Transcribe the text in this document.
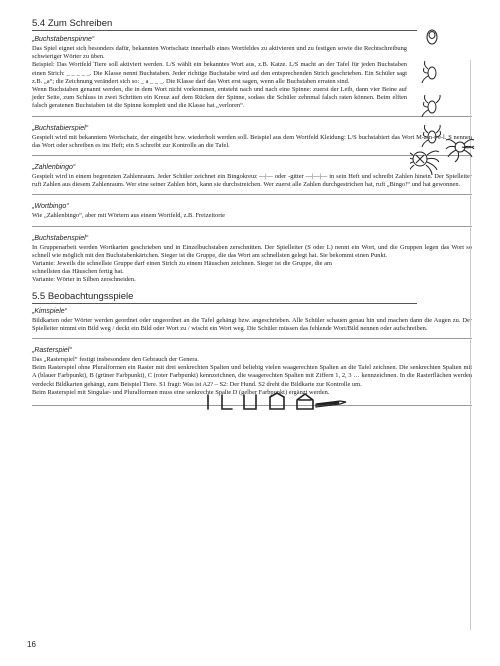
5.4 Zum Schreiben
„Buchstabenspinne“

Das Spiel eignet sich besonders dafür, bekannten Wortschatz innerhalb eines Wortfeldes zu aktivieren und zu festigen sowie die Rechtschreibung schwieriger Wörter zu üben.

Beispiel: Das Wortfeld Tiere soll aktiviert werden. L/S wählt ein bekanntes Wort aus, z.B. Katze. L/S macht an der Tafel für jeden Buchstaben einen Strich: _ _ _ _ _. Die Klasse nennt Buchstaben. Jeder richtige Buchstabe wird auf den entsprechenden Strich geschrieben. Ein Schüler sagt z.B. „a“; die Zeichnung verändert sich so: _ a _ _ _. Die Klasse darf das Wort erst sagen, wenn alle Buchstaben erraten sind.

Wenn Buchstaben genannt werden, die in dem Wort nicht vorkommen, entsteht nach und nach eine Spinne: zuerst der Leib, dann vier Beine auf jeder Seite, zum Schluss in zwei Schritten ein Kreuz auf dem Rücken der Spinne, sodass die Schüler zehnmal falsch raten können. Beim elften falsch geratenen Buchstaben ist die Spinne komplett und die Klasse hat „verloren“.

„Buchstabierspiel“

Gespielt wird mit bekanntem Wortschatz, der eingeübt bzw. wiederholt werden soll. Beispiel aus dem Wortfeld Kleidung: L/S buchstabiert das Wort M-a-n-t-e-l. S nennen das Wort oder schreiben es ins Heft; ein S schreibt zur Kontrolle an die Tafel.

„Zahlenbingo“

Gespielt wird in einem begrenzten Zahlenraum. Jeder Schüler zeichnet ein Bingokreuz —|— oder -gitter —|—|— in sein Heft und schreibt Zahlen hinein. Der Spielleiter ruft Zahlen aus diesem Zahlenraum. Wer eine seiner Zahlen hört, kann sie durchstreichen. Wer zuerst alle Zahlen durchgestrichen hat, ruft „Bingo!“ und hat gewonnen.

„Wortbingo“

Wie „Zahlenbingo“, aber mit Wörtern aus einem Wortfeld, z.B. Freizeitorte

„Buchstabenspiel“

In Gruppenarbeit werden Wortkarten geschrieben und in Einzelbuchstaben zerschnitten. Der Spielleiter (S oder L) nennt ein Wort, und die Gruppen legen das Wort so schnell wie möglich mit den Buchstabenkärtchen. Sieger ist die Gruppe, die das Wort am schnellsten gelegt hat. Sie bekommt einen Punkt.

Variante: Jeweils die schnellste Gruppe darf einen Strich zu einem Häuschen zeichnen. Sieger ist die Gruppe, die am schnellsten das Häuschen fertig hat.

Variante: Wörter in Silben zerschneiden.

5.5 Beobachtungsspiele
„Kimspiele“

Bildkarten oder Wörter werden geordnet oder ungeordnet an die Tafel gehängt bzw. angeschrieben. Alle Schüler schauen genau hin und machen dann die Augen zu. Der Spielleiter nimmt ein Bild weg / deckt ein Bild oder Wort zu / wischt ein Wort weg. Die Schüler müssen das fehlende Wort/Bild nennen oder aufschreiben.

„Rasterspiel“

Das „Rasterspiel“ festigt insbesondere den Gebrauch der Genera.

Beim Rasterspiel ohne Pluralformen ein Raster mit drei senkrechten Spalten und beliebig vielen waagerechten Spalten an die Tafel zeichnen. Die senkrechten Spalten mit A (blauer Farbpunkt), B (grüner Farbpunkt), C (roter Farbpunkt) kennzeichnen, die waagerechten Spalten mit Ziffern 1, 2, 3 … kennzeichnen. In die Rasterflächen werden verdeckt Bildkarten gehängt, zum Beispiel Tiere. S1 fragt: Was ist A2? – S2: Der Hund. S2 dreht die Bildkarte zur Kontrolle um.

Beim Rasterspiel mit Singular- und Pluralformen muss eine senkrechte Spalte D (gelber Farbpunkt) ergänzt werden.

16
